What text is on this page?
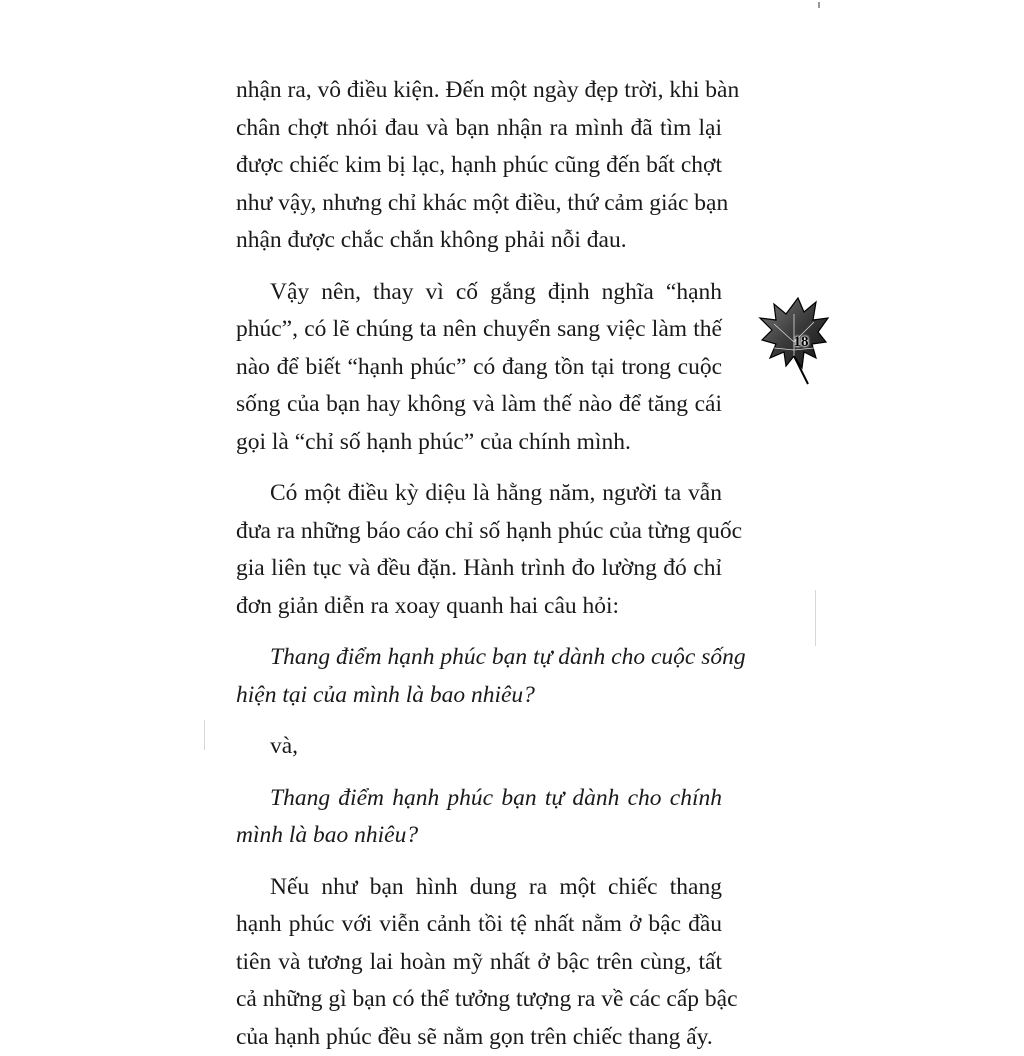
nhận ra, vô điều kiện. Đến một ngày đẹp trời, khi bàn
chân chợt nhói đau và bạn nhận ra mình đã tìm lại
được chiếc kim bị lạc, hạnh phúc cũng đến bất chợt
như vậy, nhưng chỉ khác một điều, thứ cảm giác bạn
nhận được chắc chắn không phải nỗi đau.
Vậy nên, thay vì cố gắng định nghĩa “hạnh
phúc”, có lẽ chúng ta nên chuyển sang việc làm thế
nào để biết “hạnh phúc” có đang tồn tại trong cuộc
sống của bạn hay không và làm thế nào để tăng cái
gọi là “chỉ số hạnh phúc” của chính mình.
Có một điều kỳ diệu là hằng năm, người ta vẫn
đưa ra những báo cáo chỉ số hạnh phúc của từng quốc
gia liên tục và đều đặn. Hành trình đo lường đó chỉ
đơn giản diễn ra xoay quanh hai câu hỏi:
Thang điểm hạnh phúc bạn tự dành cho cuộc sống
hiện tại của mình là bao nhiêu?
và,
Thang điểm hạnh phúc bạn tự dành cho chính
mình là bao nhiêu?
Nếu như bạn hình dung ra một chiếc thang
hạnh phúc với viễn cảnh tồi tệ nhất nằm ở bậc đầu
tiên và tương lai hoàn mỹ nhất ở bậc trên cùng, tất
cả những gì bạn có thể tưởng tượng ra về các cấp bậc
của hạnh phúc đều sẽ nằm gọn trên chiếc thang ấy.
18
